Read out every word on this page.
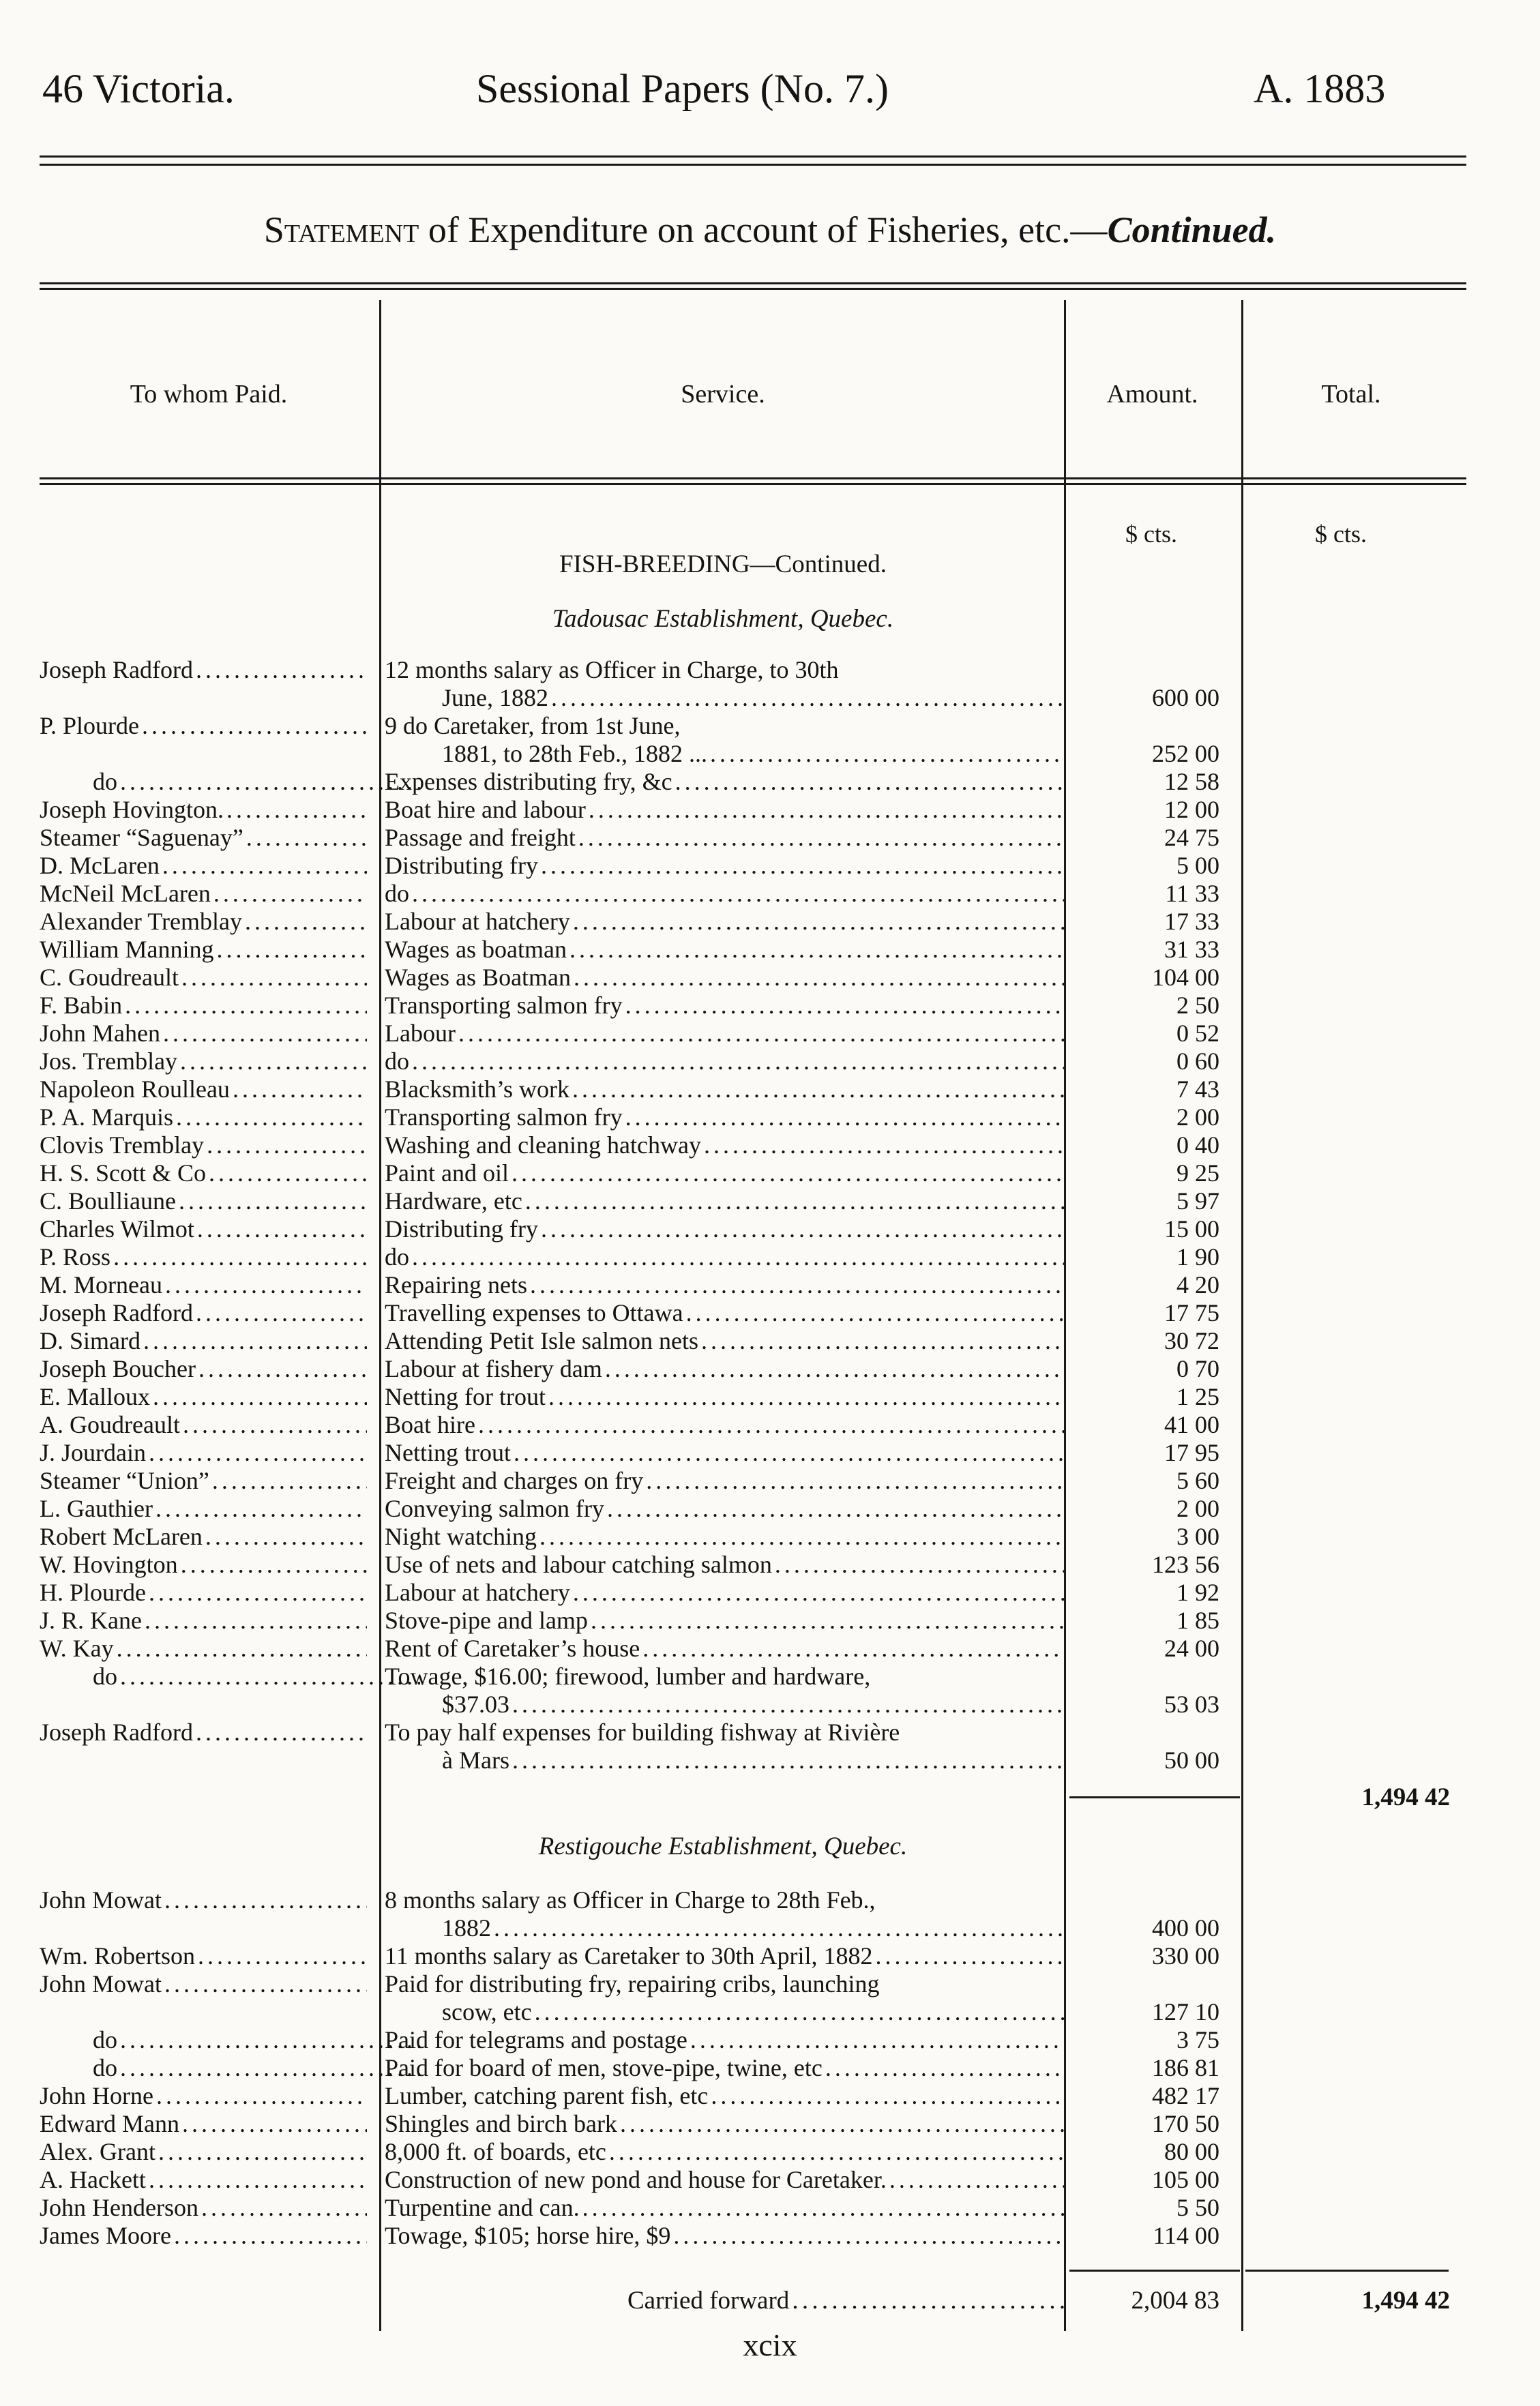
46 Victoria.	Sessional Papers (No. 7.)	A. 1883
Statement of Expenditure on account of Fisheries, etc.—Continued.
To whom Paid.	Service.	Amount.	Total.
$ cts.	$ cts.
FISH-BREEDING—Continued.
Tadousac Establishment, Quebec.
Joseph Radford . . .	12 months salary as Officer in Charge, to 30th
June, 1882 . . .	600 00
P. Plourde . . .	9 do Caretaker, from 1st June,
1881, to 28th Feb., 1882 ... . . .	252 00
do . . .	Expenses distributing fry, &c . . .	12 58
Joseph Hovington. . . .	Boat hire and labour . . .	12 00
Steamer “Saguenay” . . .	Passage and freight . . .	24 75
D. McLaren . . .	Distributing fry . . .	5 00
McNeil McLaren . . .	do . . .	11 33
Alexander Tremblay . . .	Labour at hatchery . . .	17 33
William Manning . . .	Wages as boatman . . .	31 33
C. Goudreault . . .	Wages as Boatman . . .	104 00
F. Babin . . .	Transporting salmon fry . . .	2 50
John Mahen . . .	Labour . . .	0 52
Jos. Tremblay . . .	do . . .	0 60
Napoleon Roulleau . . .	Blacksmith’s work . . .	7 43
P. A. Marquis . . .	Transporting salmon fry . . .	2 00
Clovis Tremblay . . .	Washing and cleaning hatchway . . .	0 40
H. S. Scott & Co . . .	Paint and oil . . .	9 25
C. Boulliaune . . .	Hardware, etc . . .	5 97
Charles Wilmot . . .	Distributing fry . . .	15 00
P. Ross . . .	do . . .	1 90
M. Morneau . . .	Repairing nets . . .	4 20
Joseph Radford . . .	Travelling expenses to Ottawa . . .	17 75
D. Simard . . .	Attending Petit Isle salmon nets . . .	30 72
Joseph Boucher . . .	Labour at fishery dam . . .	0 70
E. Malloux . . .	Netting for trout . . .	1 25
A. Goudreault . . .	Boat hire . . .	41 00
J. Jourdain . . .	Netting trout . . .	17 95
Steamer “Union” . . .	Freight and charges on fry . . .	5 60
L. Gauthier . . .	Conveying salmon fry . . .	2 00
Robert McLaren . . .	Night watching . . .	3 00
W. Hovington . . .	Use of nets and labour catching salmon . . .	123 56
H. Plourde . . .	Labour at hatchery . . .	1 92
J. R. Kane . . .	Stove-pipe and lamp . . .	1 85
W. Kay . . .	Rent of Caretaker’s house . . .	24 00
do . . .	Towage, $16.00; firewood, lumber and hardware,
$37.03 . . .	53 03
Joseph Radford . . .	To pay half expenses for building fishway at Rivière
à Mars . . .	50 00
1,494 42
Restigouche Establishment, Quebec.
John Mowat . . .	8 months salary as Officer in Charge to 28th Feb.,
1882 . . .	400 00
Wm. Robertson . . .	11 months salary as Caretaker to 30th April, 1882 . . .	330 00
John Mowat . . .	Paid for distributing fry, repairing cribs, launching
scow, etc . . .	127 10
do . . .	Paid for telegrams and postage . . .	3 75
do . . .	Paid for board of men, stove-pipe, twine, etc . . .	186 81
John Horne . . .	Lumber, catching parent fish, etc . . .	482 17
Edward Mann . . .	Shingles and birch bark . . .	170 50
Alex. Grant . . .	8,000 ft. of boards, etc . . .	80 00
A. Hackett . . .	Construction of new pond and house for Caretaker. . . .	105 00
John Henderson . . .	Turpentine and can. . . .	5 50
James Moore . . .	Towage, $105; horse hire, $9 . . .	114 00
Carried forward . . .	2,004 83	1,494 42
xcix
